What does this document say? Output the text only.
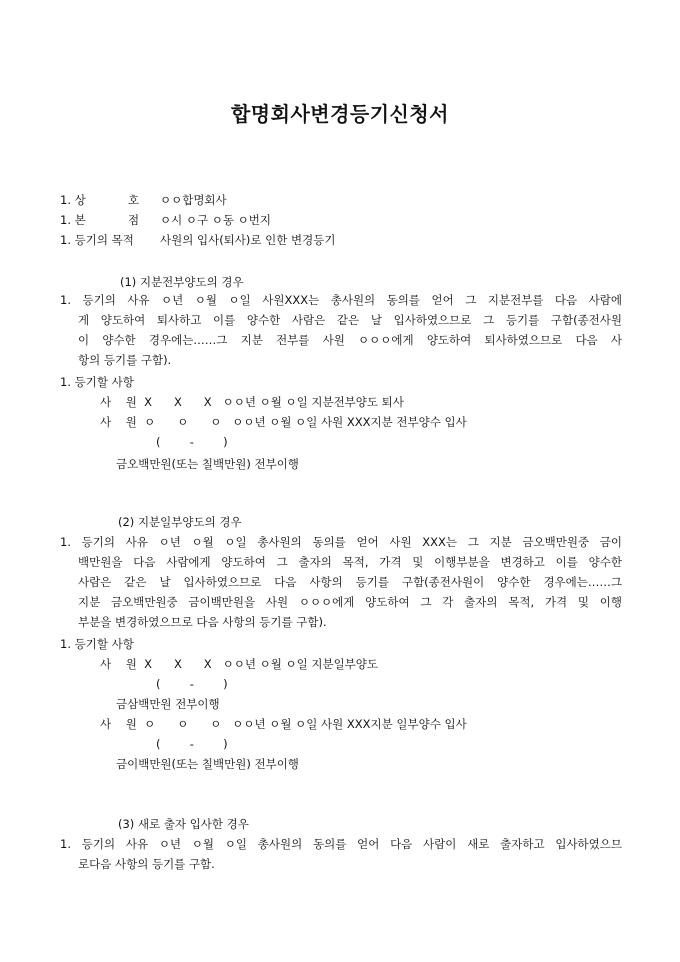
합명회사변경등기신청서
1. 상	호 ㅇㅇ합명회사
1. 본	점 ㅇ시 ㅇ구 ㅇ동 ㅇ번지
1. 등기의 목적 사원의 입사(퇴사)로 인한 변경등기
(1) 지분전부양도의 경우
1. 등기의 사유 ㅇ년 ㅇ월 ㅇ일 사원XXX는 총사원의 동의를 얻어 그 지분전부를 다음 사람에
게 양도하여 퇴사하고 이를 양수한 사람은 같은 날 입사하였으므로 그 등기를 구함(종전사원
이 양수한 경우에는……그 지분 전부를 사원 ㅇㅇㅇ에게 양도하여 퇴사하였으므로 다음 사
항의 등기를 구함).
1. 등기할 사항
사    원  X      X      X   ㅇㅇ년 ㅇ월 ㅇ일 지분전부양도 퇴사
사    원  ㅇ      ㅇ      ㅇ   ㅇㅇ년 ㅇ월 ㅇ일 사원 XXX지분 전부양수 입사
(        -        )
금오백만원(또는 칠백만원) 전부이행
(2) 지분일부양도의 경우
1. 등기의 사유 ㅇ년 ㅇ월 ㅇ일 총사원의 동의를 얻어 사원 XXX는 그 지분 금오백만원중 금이
백만원을 다음 사람에게 양도하여 그 출자의 목적, 가격 및 이행부분을 변경하고 이를 양수한
사람은 같은 날 입사하였으므로 다음 사항의 등기를 구함(종전사원이 양수한 경우에는……그
지분 금오백만원중 금이백만원을 사원 ㅇㅇㅇ에게 양도하여 그 각 출자의 목적, 가격 및 이행
부분을 변경하였으므로 다음 사항의 등기를 구함).
1. 등기할 사항
사    원  X      X      X   ㅇㅇ년 ㅇ월 ㅇ일 지분일부양도
(        -        )
금삼백만원 전부이행
사    원  ㅇ      ㅇ      ㅇ   ㅇㅇ년 ㅇ월 ㅇ일 사원 XXX지분 일부양수 입사
(        -        )
금이백만원(또는 칠백만원) 전부이행
(3) 새로 출자 입사한 경우
1. 등기의 사유 ㅇ년 ㅇ월 ㅇ일 총사원의 동의를 얻어 다음 사람이 새로 출자하고 입사하였으므
로다음 사항의 등기를 구함.
